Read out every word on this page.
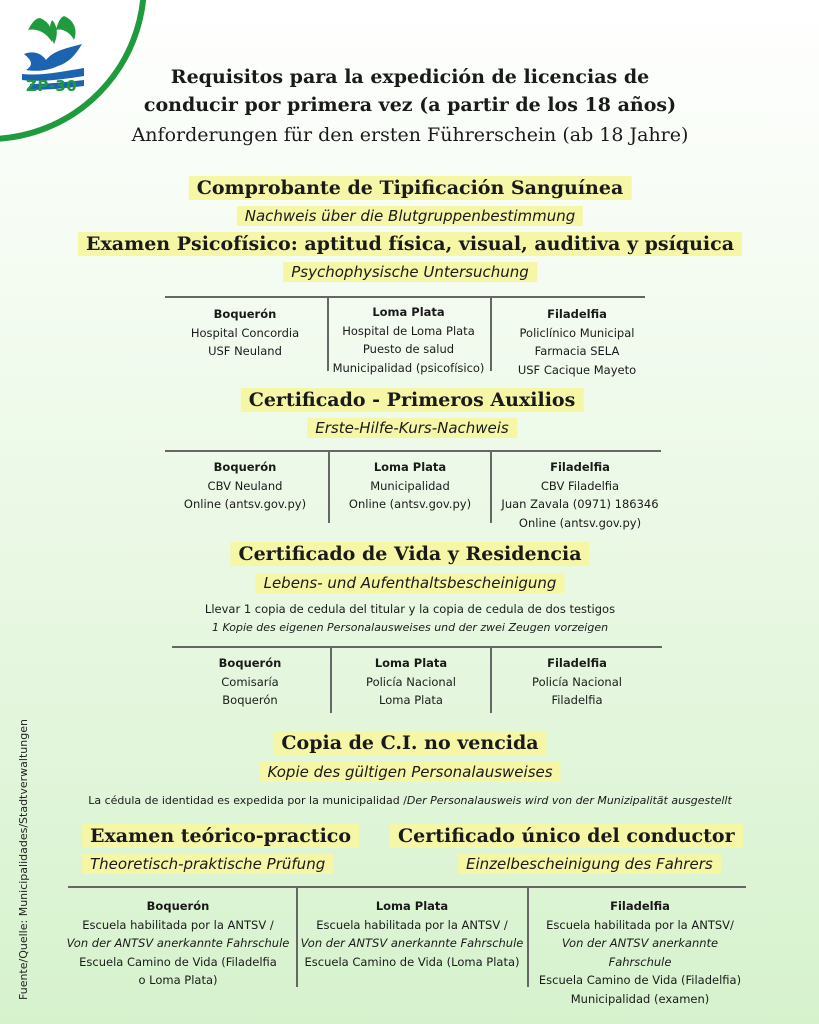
ZP-30	Requisitos para la expedición de licencias de
conducir por primera vez (a partir de los 18 años)
Anforderungen für den ersten Führerschein (ab 18 Jahre)
Comprobante de Tipificación Sanguínea
Nachweis über die Blutgruppenbestimmung
Examen Psicofísico: aptitud física, visual, auditiva y psíquica
Psychophysische Untersuchung
Boquerón
Hospital Concordia
USF Neuland
Loma Plata
Hospital de Loma Plata
Puesto de salud
Municipalidad (psicofísico)
Filadelfia
Policlínico Municipal
Farmacia SELA
USF Cacique Mayeto
Certificado - Primeros Auxilios
Erste-Hilfe-Kurs-Nachweis
Boquerón
CBV Neuland
Online (antsv.gov.py)
Loma Plata
Municipalidad
Online (antsv.gov.py)
Filadelfia
CBV Filadelfia
Juan Zavala (0971) 186346
Online (antsv.gov.py)
Certificado de Vida y Residencia
Lebens- und Aufenthaltsbescheinigung
Llevar 1 copia de cedula del titular y la copia de cedula de dos testigos
1 Kopie des eigenen Personalausweises und der zwei Zeugen vorzeigen
Boquerón
Comisaría
Boquerón
Loma Plata
Policía Nacional
Loma Plata
Filadelfia
Policía Nacional
Filadelfia
Copia de C.I. no vencida
Kopie des gültigen Personalausweises
La cédula de identidad es expedida por la municipalidad /Der Personalausweis wird von der Munizipalität ausgestellt
Examen teórico-practico
Theoretisch-praktische Prüfung
Certificado único del conductor
Einzelbescheinigung des Fahrers
Boquerón
Escuela habilitada por la ANTSV /
Von der ANTSV anerkannte Fahrschule
Escuela Camino de Vida (Filadelfia
o Loma Plata)
Loma Plata
Escuela habilitada por la ANTSV /
Von der ANTSV anerkannte Fahrschule
Escuela Camino de Vida (Loma Plata)
Filadelfia
Escuela habilitada por la ANTSV/
Von der ANTSV anerkannte Fahrschule
Escuela Camino de Vida (Filadelfia)
Municipalidad (examen)
Fuente/Quelle: Municipalidades/Stadtverwaltungen
